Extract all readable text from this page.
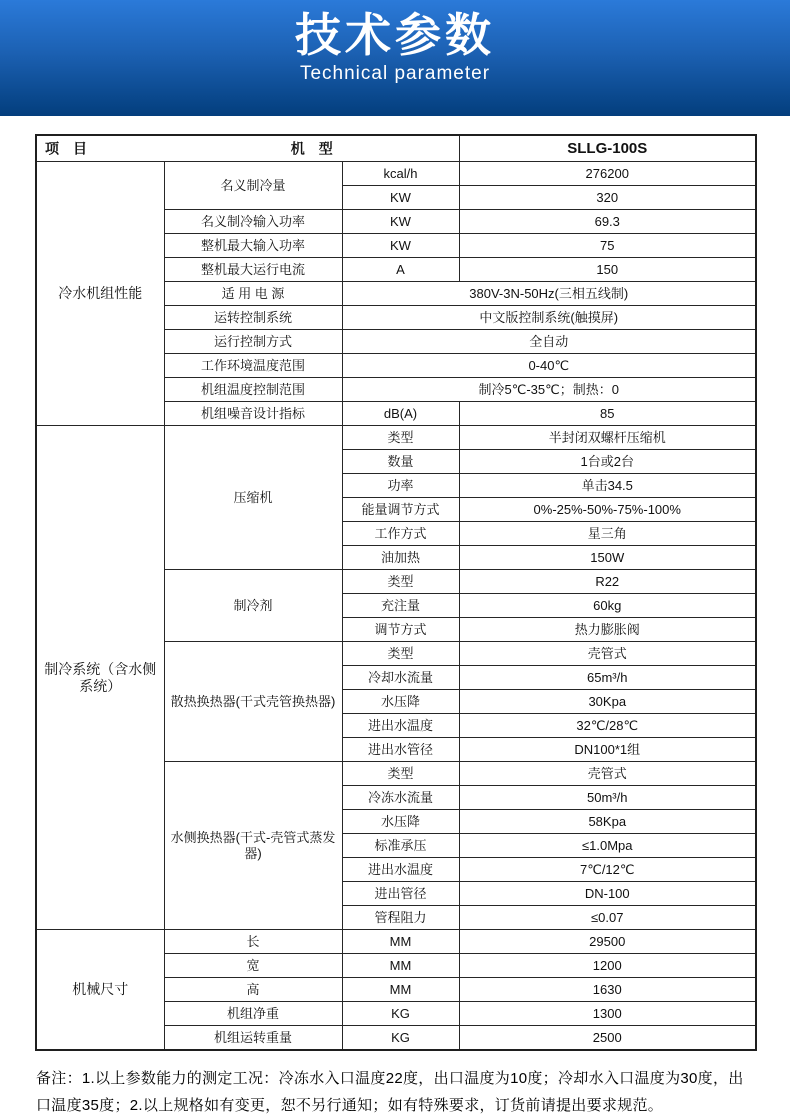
技术参数
Technical parameter
项　目 机　型			SLLG-100S
冷水机组性能	名义制冷量	kcal/h	276200
		KW	320
	名义制冷输入功率	KW	69.3
	整机最大输入功率	KW	75
	整机最大运行电流	A	150
	适 用 电 源	380V-3N-50Hz(三相五线制)	
	运转控制系统	中文版控制系统(触摸屏)	
	运行控制方式	全自动	
	工作环境温度范围	0-40℃	
	机组温度控制范围	制冷5℃-35℃；制热：0	
	机组噪音设计指标	dB(A)	85
制冷系统（含水侧系统）	压缩机	类型	半封闭双螺杆压缩机
		数量	1台或2台
		功率	单击34.5
		能量调节方式	0%-25%-50%-75%-100%
		工作方式	星三角
		油加热	150W
	制冷剂	类型	R22
		充注量	60kg
		调节方式	热力膨胀阀
	散热换热器(干式壳管换热器)	类型	壳管式
		冷却水流量	65m³/h
		水压降	30Kpa
		进出水温度	32℃/28℃
		进出水管径	DN100*1组
	水侧换热器(干式-壳管式蒸发器)	类型	壳管式
		冷冻水流量	50m³/h
		水压降	58Kpa
		标准承压	≤1.0Mpa
		进出水温度	7℃/12℃
		进出管径	DN-100
		管程阻力	≤0.07
机械尺寸	长	MM	29500
	宽	MM	1200
	高	MM	1630
	机组净重	KG	1300
	机组运转重量	KG	2500
备注：1.以上参数能力的测定工况：冷冻水入口温度22度，出口温度为10度；冷却水入口温度为30度，出口温度35度；2.以上规格如有变更，恕不另行通知；如有特殊要求，订货前请提出要求规范。
